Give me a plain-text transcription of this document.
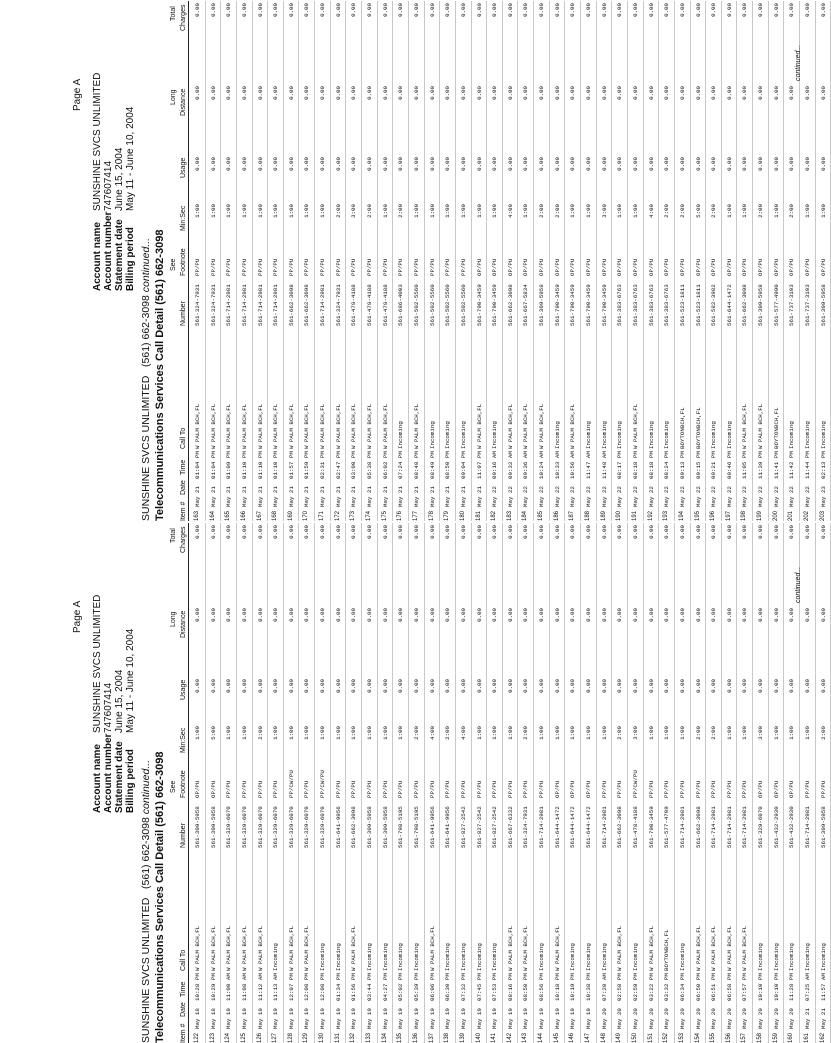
Page A
Account name
SUNSHINE SVCS UNLIMITED
Account number
747607414
Statement date
June 15, 2004
Billing period
May 11 - June 10, 2004
SUNSHINE SVCS UNLIMITED   (561) 662-3098 continued... Telecommunications Services Call Detail (561) 662-3098 Item #
Date
Time
Call To
Number
See Footnote
Min:Sec
Usage
Long Distance
Total Charges
122
May 18
10:28 PM
W PALM BCH,FL
561-309-5958
OP/PU
1:00
0.00
0.00
0.00
123
May 18
10:29 PM
W PALM BCH,FL
561-309-5958
OP/PU
5:00
0.00
0.00
0.00
124
May 19
11:00 AM
W PALM BCH,FL
561-329-6070
PP/PU
1:00
0.00
0.00
0.00
125
May 19
11:08 AM
W PALM BCH,FL
561-329-6070
PP/PU
1:00
0.00
0.00
0.00
126
May 19
11:12 AM
W PALM BCH,FL
561-329-6070
PP/PU
2:00
0.00
0.00
0.00
127
May 19
11:13 AM
Incoming
561-329-6070
PP/PU
1:00
0.00
0.00
0.00
128
May 19
12:07 PM
W PALM BCH,FL
561-329-6070
PP/CW/PU
1:00
0.00
0.00
0.00
129
May 19
12:08 PM
W PALM BCH,FL
561-329-6070
PP/PU
1:00
0.00
0.00
0.00
130
May 19
12:08 PM
Incoming
561-329-6070
PP/CW/PU
1:00
0.00
0.00
0.00
131
May 19
01:34 PM
Incoming
561-641-9956
PP/PU
1:00
0.00
0.00
0.00
132
May 19
01:56 PM
W PALM BCH,FL
561-662-3098
PP/PU
1:00
0.00
0.00
0.00
133
May 19
03:44 PM
Incoming
561-309-5958
PP/PU
1:00
0.00
0.00
0.00
134
May 19
04:27 PM
Incoming
561-309-5958
PP/PU
1:00
0.00
0.00
0.00
135
May 19
05:02 PM
Incoming
561-798-5195
PP/PU
1:00
0.00
0.00
0.00
136
May 19
05:39 PM
Incoming
561-798-5195
PP/PU
2:00
0.00
0.00
0.00
137
May 19
06:06 PM
W PALM BCH,FL
561-641-9956
PP/PU
4:00
0.00
0.00
0.00
138
May 19
06:30 PM
Incoming
561-641-9956
PP/PU
2:00
0.00
0.00
0.00
139
May 19
07:32 PM
Incoming
561-827-2542
PP/PU
4:00
0.00
0.00
0.00
140
May 19
07:45 PM
Incoming
561-827-2542
PP/PU
1:00
0.00
0.00
0.00
141
May 19
07:53 PM
Incoming
561-827-2542
PP/PU
1:00
0.00
0.00
0.00
142
May 19
08:16 PM
W PALM BCH,FL
561-667-6332
PP/PU
1:00
0.00
0.00
0.00
143
May 19
08:50 PM
W PALM BCH,FL
561-324-7931
PP/PU
2:00
0.00
0.00
0.00
144
May 19
08:56 PM
Incoming
561-714-2981
PP/PU
1:00
0.00
0.00
0.00
145
May 19
10:18 PM
W PALM BCH,FL
561-644-1472
OP/PU
1:00
0.00
0.00
0.00
146
May 19
10:19 PM
Incoming
561-644-1472
OP/PU
1:00
0.00
0.00
0.00
147
May 19
10:38 PM
Incoming
561-644-1472
OP/PU
1:00
0.00
0.00
0.00
148
May 20
07:20 AM
Incoming
561-714-2981
PP/PU
1:00
0.00
0.00
0.00
149
May 20
02:58 PM
W PALM BCH,FL
561-662-3098
PP/PU
2:00
0.00
0.00
0.00
150
May 20
02:59 PM
Incoming
561-478-4188
PP/CW/PU
3:00
0.00
0.00
0.00
151
May 20
03:22 PM
W PALM BCH,FL
561-790-3459
PP/PU
1:00
0.00
0.00
0.00
152
May 20
03:32 PM
BOYTONBCH,FL
561-577-4709
PP/PU
1:00
0.00
0.00
0.00
153
May 20
06:34 PM
Incoming
561-714-2981
PP/PU
1:00
0.00
0.00
0.00
154
May 20
06:50 PM
W PALM BCH,FL
561-662-3098
PP/PU
2:00
0.00
0.00
0.00
155
May 20
06:51 PM
W PALM BCH,FL
561-714-2981
PP/PU
2:00
0.00
0.00
0.00
156
May 20
06:58 PM
W PALM BCH,FL
561-714-2981
PP/PU
1:00
0.00
0.00
0.00
157
May 20
07:57 PM
W PALM BCH,FL
561-714-2981
PP/PU
1:00
0.00
0.00
0.00
158
May 20
10:10 PM
Incoming
561-329-6070
OP/PU
3:00
0.00
0.00
0.00
159
May 20
10:10 PM
Incoming
561-432-2930
OP/PU
1:00
0.00
0.00
0.00
160
May 20
11:28 PM
Incoming
561-432-2930
OP/PU
1:00
0.00
0.00
0.00
161
May 21
07:25 AM
Incoming
561-714-2981
PP/PU
1:00
0.00
0.00
0.00
162
May 21
11:57 AM
Incoming
561-309-5958
PP/PU
2:00
0.00
0.00
0.00
continued...
Page A
Account name
SUNSHINE SVCS UNLIMITED
Account number
747607414
Statement date
June 15, 2004
Billing period
May 11 - June 10, 2004
SUNSHINE SVCS UNLIMITED   (561) 662-3098 continued... Telecommunications Services Call Detail (561) 662-3098 Item #
Date
Time
Call To
Number
See Footnote
Min:Sec
Usage
Long Distance
Total Charges
163
May 21
01:04 PM
W PALM BCH,FL
561-324-7931
PP/PU
1:00
0.00
0.00
0.00
164
May 21
01:04 PM
W PALM BCH,FL
561-324-7931
PP/PU
1:00
0.00
0.00
0.00
165
May 21
01:09 PM
W PALM BCH,FL
561-714-2981
PP/PU
1:00
0.00
0.00
0.00
166
May 21
01:10 PM
W PALM BCH,FL
561-714-2981
PP/PU
1:00
0.00
0.00
0.00
167
May 21
01:10 PM
W PALM BCH,FL
561-714-2981
PP/PU
1:00
0.00
0.00
0.00
168
May 21
01:10 PM
W PALM BCH,FL
561-714-2981
PP/PU
1:00
0.00
0.00
0.00
169
May 21
01:57 PM
W PALM BCH,FL
561-662-3098
PP/PU
1:00
0.00
0.00
0.00
170
May 21
01:59 PM
W PALM BCH,FL
561-662-3098
PP/PU
1:00
0.00
0.00
0.00
171
May 21
02:31 PM
W PALM BCH,FL
561-714-2981
PP/PU
1:00
0.00
0.00
0.00
172
May 21
02:47 PM
W PALM BCH,FL
561-324-7931
PP/PU
2:00
0.00
0.00
0.00
173
May 21
03:00 PM
W PALM BCH,FL
561-478-4188
PP/PU
3:00
0.00
0.00
0.00
174
May 21
05:38 PM
W PALM BCH,FL
561-478-4188
PP/PU
2:00
0.00
0.00
0.00
175
May 21
06:02 PM
W PALM BCH,FL
561-478-4188
PP/PU
1:00
0.00
0.00
0.00
176
May 21
07:24 PM
Incoming
561-686-4003
PP/PU
2:00
0.00
0.00
0.00
177
May 21
08:48 PM
W PALM BCH,FL
561-502-5560
PP/PU
1:00
0.00
0.00
0.00
178
May 21
08:49 PM
Incoming
561-502-5560
PP/PU
1:00
0.00
0.00
0.00
179
May 21
08:50 PM
Incoming
561-502-5560
PP/PU
1:00
0.00
0.00
0.00
180
May 21
09:04 PM
Incoming
561-502-5560
PP/PU
1:00
0.00
0.00
0.00
181
May 21
11:07 PM
W PALM BCH,FL
561-790-3459
OP/PU
1:00
0.00
0.00
0.00
182
May 22
09:16 AM
Incoming
561-790-3459
OP/PU
1:00
0.00
0.00
0.00
183
May 22
09:32 AM
W PALM BCH,FL
561-662-3098
OP/PU
4:00
0.00
0.00
0.00
184
May 22
09:36 AM
W PALM BCH,FL
561-667-5834
OP/PU
1:00
0.00
0.00
0.00
185
May 22
10:24 AM
W PALM BCH,FL
561-309-5958
OP/PU
2:00
0.00
0.00
0.00
186
May 22
10:33 AM
Incoming
561-790-3459
OP/PU
2:00
0.00
0.00
0.00
187
May 22
10:56 AM
W PALM BCH,FL
561-790-3459
OP/PU
1:00
0.00
0.00
0.00
188
May 22
11:47 AM
Incoming
561-790-3459
OP/PU
1:00
0.00
0.00
0.00
189
May 22
11:48 AM
Incoming
561-790-3459
OP/PU
3:00
0.00
0.00
0.00
190
May 22
08:17 PM
Incoming
561-383-6763
OP/PU
1:00
0.00
0.00
0.00
191
May 22
08:18 PM
W PALM BCH,FL
561-383-6763
OP/PU
1:00
0.00
0.00
0.00
192
May 22
08:18 PM
Incoming
561-383-6763
OP/PU
4:00
0.00
0.00
0.00
193
May 22
08:24 PM
Incoming
561-383-6763
OP/PU
2:00
0.00
0.00
0.00
194
May 22
09:13 PM
BOYTONBCH,FL
561-523-1811
OP/PU
2:00
0.00
0.00
0.00
195
May 22
09:15 PM
BOYTONBCH,FL
561-523-1811
OP/PU
5:00
0.00
0.00
0.00
196
May 22
09:21 PM
Incoming
561-582-3982
OP/PU
2:00
0.00
0.00
0.00
197
May 22
09:46 PM
Incoming
561-644-1472
OP/PU
1:00
0.00
0.00
0.00
198
May 22
11:05 PM
W PALM BCH,FL
561-662-3098
OP/PU
1:00
0.00
0.00
0.00
199
May 22
11:39 PM
W PALM BCH,FL
561-309-5958
OP/PU
2:00
0.00
0.00
0.00
200
May 22
11:41 PM
BOYTONBCH,FL
561-577-4990
OP/PU
1:00
0.00
0.00
0.00
201
May 22
11:42 PM
Incoming
561-737-3103
OP/PU
2:00
0.00
0.00
0.00
202
May 22
11:44 PM
Incoming
561-737-3103
OP/PU
1:00
0.00
0.00
0.00
203
May 23
02:13 PM
Incoming
561-309-5958
OP/PU
1:00
0.00
0.00
0.00
continued...
